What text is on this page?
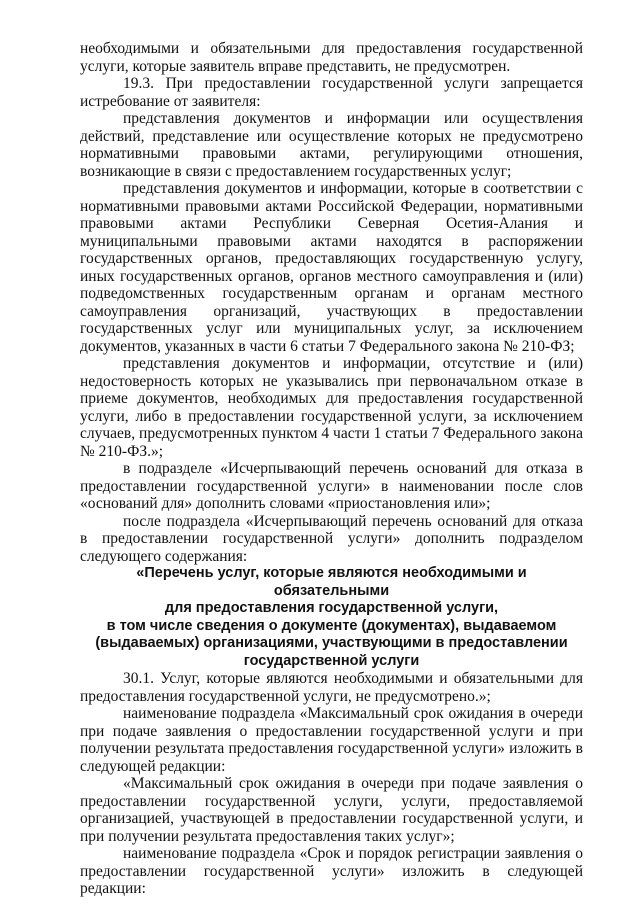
необходимыми и обязательными для предоставления государственной услуги, которые заявитель вправе представить, не предусмотрен.

19.3. При предоставлении государственной услуги запрещается истребование от заявителя:

представления документов и информации или осуществления действий, представление или осуществление которых не предусмотрено нормативными правовыми актами, регулирующими отношения, возникающие в связи с предоставлением государственных услуг;

представления документов и информации, которые в соответствии с нормативными правовыми актами Российской Федерации, нормативными правовыми актами Республики Северная Осетия-Алания и муниципальными правовыми актами находятся в распоряжении государственных органов, предоставляющих государственную услугу, иных государственных органов, органов местного самоуправления и (или) подведомственных государственным органам и органам местного самоуправления организаций, участвующих в предоставлении государственных услуг или муниципальных услуг, за исключением документов, указанных в части 6 статьи 7 Федерального закона № 210-ФЗ;

представления документов и информации, отсутствие и (или) недостоверность которых не указывались при первоначальном отказе в приеме документов, необходимых для предоставления государственной услуги, либо в предоставлении государственной услуги, за исключением случаев, предусмотренных пунктом 4 части 1 статьи 7 Федерального закона № 210-ФЗ.»;

в подразделе «Исчерпывающий перечень оснований для отказа в предоставлении государственной услуги» в наименовании после слов «оснований для» дополнить словами «приостановления или»;

после подраздела «Исчерпывающий перечень оснований для отказа в предоставлении государственной услуги» дополнить подразделом следующего содержания:

«Перечень услуг, которые являются необходимыми и обязательными

для предоставления государственной услуги,

в том числе сведения о документе (документах), выдаваемом

(выдаваемых) организациями, участвующими в предоставлении

государственной услуги

30.1. Услуг, которые являются необходимыми и обязательными для предоставления государственной услуги, не предусмотрено.»;

наименование подраздела «Максимальный срок ожидания в очереди при подаче заявления о предоставлении государственной услуги и при получении результата предоставления государственной услуги» изложить в следующей редакции:

«Максимальный срок ожидания в очереди при подаче заявления о предоставлении государственной услуги, услуги, предоставляемой организацией, участвующей в предоставлении государственной услуги, и при получении результата предоставления таких услуг»;

наименование подраздела «Срок и порядок регистрации заявления о предоставлении государственной услуги» изложить в следующей редакции:
